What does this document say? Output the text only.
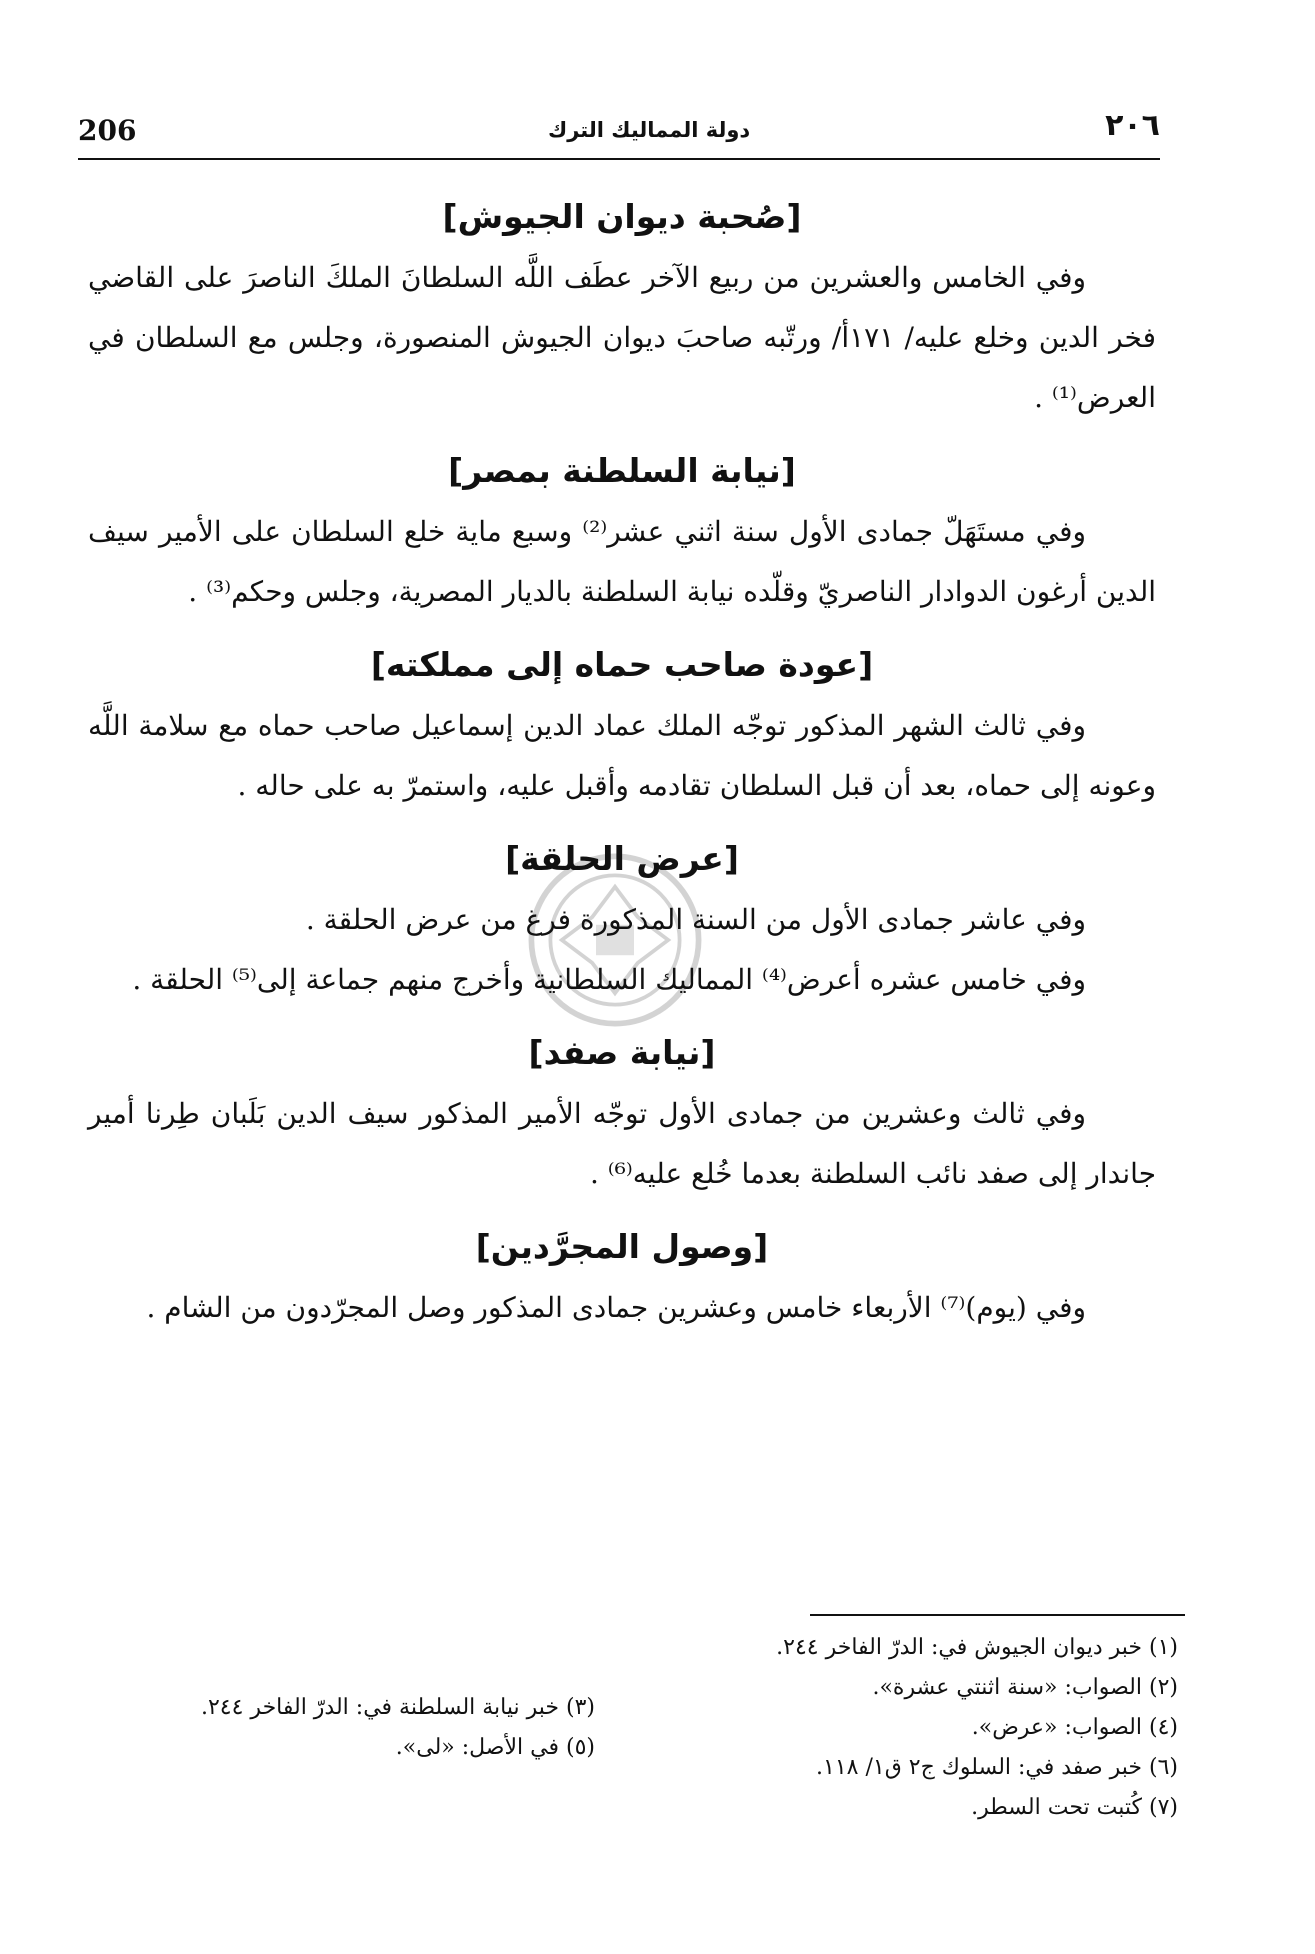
206	دولة المماليك الترك	٢٠٦
[صُحبة ديوان الجيوش]

وفي الخامس والعشرين من ربيع الآخر عطَف اللَّه السلطانَ الملكَ الناصرَ على القاضي فخر الدين وخلع عليه/ ١٧١أ/ ورتّبه صاحبَ ديوان الجيوش المنصورة، وجلس مع السلطان في العرض⁽¹⁾ .

[نيابة السلطنة بمصر]

وفي مستَهَلّ جمادى الأول سنة اثني عشر⁽²⁾ وسبع ماية خلع السلطان على الأمير سيف الدين أرغون الدوادار الناصريّ وقلّده نيابة السلطنة بالديار المصرية، وجلس وحكم⁽³⁾ .

[عودة صاحب حماه إلى مملكته]

وفي ثالث الشهر المذكور توجّه الملك عماد الدين إسماعيل صاحب حماه مع سلامة اللَّه وعونه إلى حماه، بعد أن قبل السلطان تقادمه وأقبل عليه، واستمرّ به على حاله .

[عرض الحلقة]

وفي عاشر جمادى الأول من السنة المذكورة فرغ من عرض الحلقة .

وفي خامس عشره أعرض⁽⁴⁾ المماليك السلطانية وأخرج منهم جماعة إلى⁽⁵⁾ الحلقة .

[نيابة صفد]

وفي ثالث وعشرين من جمادى الأول توجّه الأمير المذكور سيف الدين بَلَبان طِرنا أمير جاندار إلى صفد نائب السلطنة بعدما خُلع عليه⁽⁶⁾ .

[وصول المجرَّدين]

وفي (يوم)⁽⁷⁾ الأربعاء خامس وعشرين جمادى المذكور وصل المجرّدون من الشام .

(١) خبر ديوان الجيوش في: الدرّ الفاخر ٢٤٤.
(٢) الصواب: «سنة اثنتي عشرة».
(٤) الصواب: «عرض».
(٦) خبر صفد في: السلوك ج٢ ق١/ ١١٨.
(٧) كُتبت تحت السطر.
(٣) خبر نيابة السلطنة في: الدرّ الفاخر ٢٤٤.
(٥) في الأصل: «لى».
